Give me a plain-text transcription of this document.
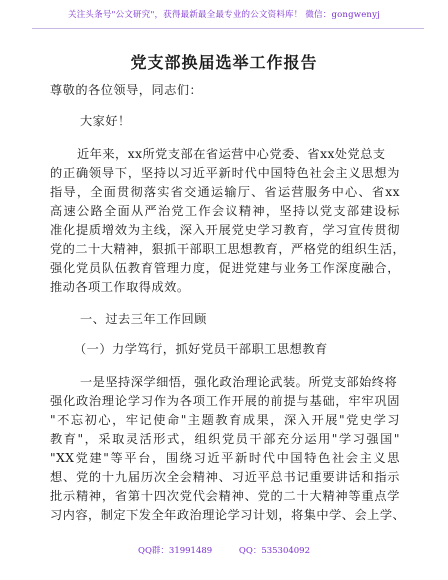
关注头条号"公文研究"，获得最新最全最专业的公文资料库！ 微信：gongwenyj
党支部换届选举工作报告
尊敬的各位领导，同志们：
大家好！
近年来，xx所党支部在省运营中心党委、省xx处党总支
的正确领导下，坚持以习近平新时代中国特色社会主义思想为
指导，全面贯彻落实省交通运输厅、省运营服务中心、省xx
高速公路全面从严治党工作会议精神，坚持以党支部建设标
准化提质增效为主线，深入开展党史学习教育，学习宣传贯彻
党的二十大精神，狠抓干部职工思想教育，严格党的组织生活，
强化党员队伍教育管理力度，促进党建与业务工作深度融合，
推动各项工作取得成效。
一、过去三年工作回顾
（一）力学笃行，抓好党员干部职工思想教育
一是坚持深学细悟，强化政治理论武装。所党支部始终将
强化政治理论学习作为各项工作开展的前提与基础，牢牢巩固
"不忘初心，牢记使命"主题教育成果，深入开展"党史学习
教育"，采取灵活形式，组织党员干部充分运用"学习强国"
"XX党建"等平台，围绕习近平新时代中国特色社会主义思
想、党的十九届历次全会精神、习近平总书记重要讲话和指示
批示精神，省第十四次党代会精神、党的二十大精神等重点学
习内容，制定下发全年政治理论学习计划，将集中学、会上学、
QQ群：31991489	QQ：535304092
